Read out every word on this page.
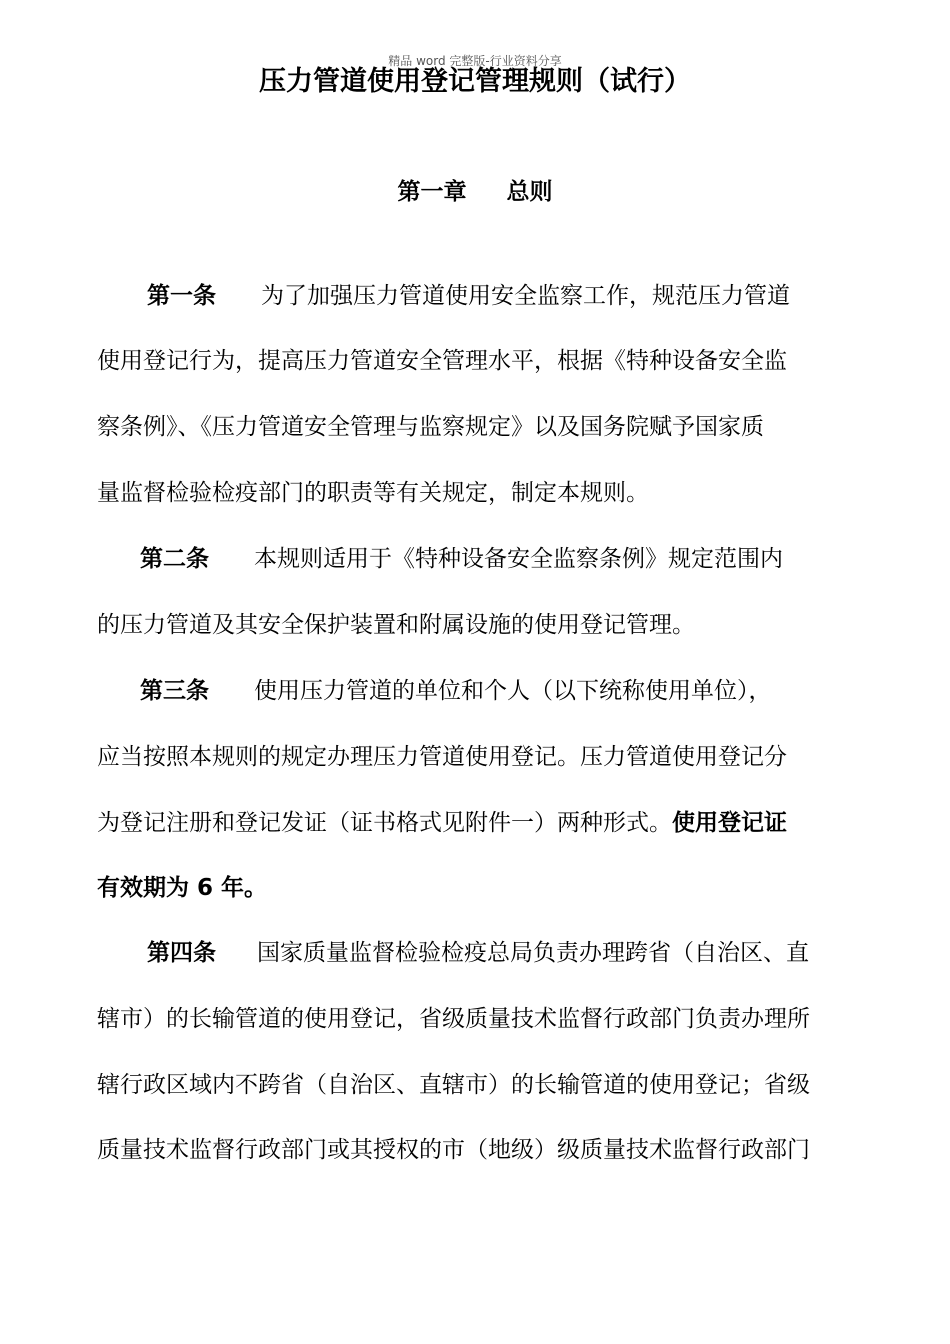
精品 word 完整版-行业资料分享
压力管道使用登记管理规则（试行）
第一章 总则
第一条 为了加强压力管道使用安全监察工作，规范压力管道
使用登记行为，提高压力管道安全管理水平，根据《特种设备安全监
察条例》、《压力管道安全管理与监察规定》以及国务院赋予国家质
量监督检验检疫部门的职责等有关规定，制定本规则。
第二条 本规则适用于《特种设备安全监察条例》规定范围内
的压力管道及其安全保护装置和附属设施的使用登记管理。
第三条 使用压力管道的单位和个人（以下统称使用单位），
应当按照本规则的规定办理压力管道使用登记。压力管道使用登记分
为登记注册和登记发证（证书格式见附件一）两种形式。使用登记证
有效期为 6 年。
第四条 国家质量监督检验检疫总局负责办理跨省（自治区、直
辖市）的长输管道的使用登记，省级质量技术监督行政部门负责办理所
辖行政区域内不跨省（自治区、直辖市）的长输管道的使用登记；省级
质量技术监督行政部门或其授权的市（地级）级质量技术监督行政部门
